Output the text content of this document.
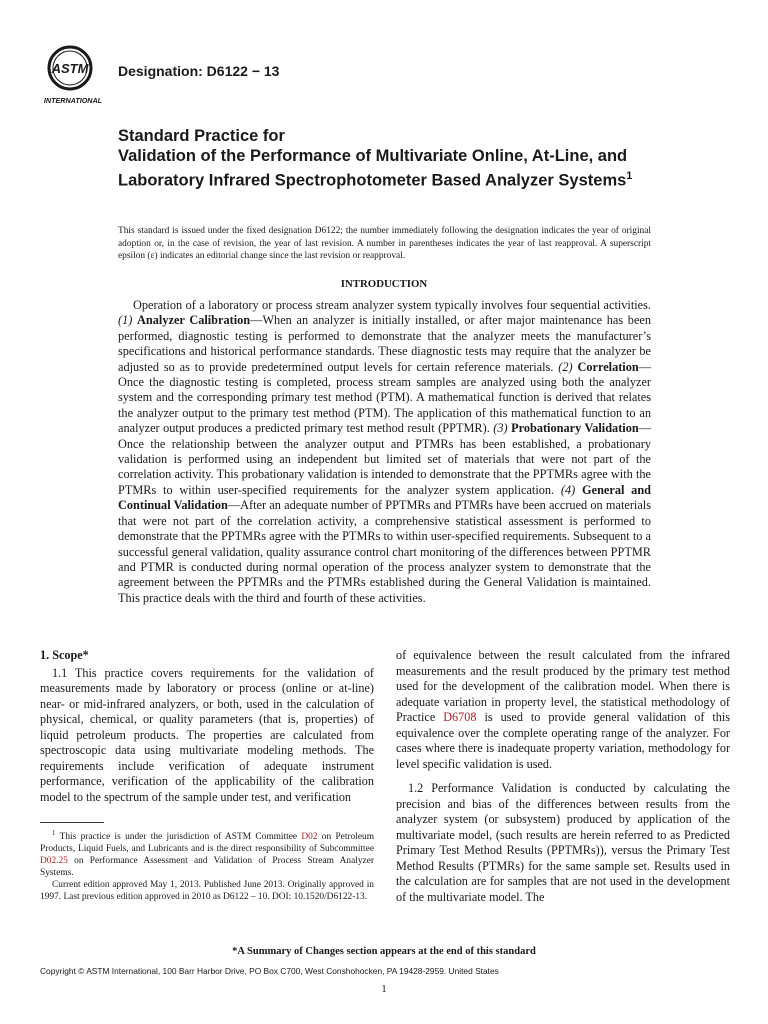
ASTM
INTERNATIONAL

Designation: D6122 − 13

Standard Practice for
Validation of the Performance of Multivariate Online, At-Line, and Laboratory Infrared Spectrophotometer Based Analyzer Systems$^1$

This standard is issued under the fixed designation D6122; the number immediately following the designation indicates the year of original adoption or, in the case of revision, the year of last revision. A number in parentheses indicates the year of last reapproval. A superscript epsilon (ε) indicates an editorial change since the last revision or reapproval.

INTRODUCTION

Operation of a laboratory or process stream analyzer system typically involves four sequential activities. (1) Analyzer Calibration—When an analyzer is initially installed, or after major maintenance has been performed, diagnostic testing is performed to demonstrate that the analyzer meets the manufacturer’s specifications and historical performance standards. These diagnostic tests may require that the analyzer be adjusted so as to provide predetermined output levels for certain reference materials. (2) Correlation—Once the diagnostic testing is completed, process stream samples are analyzed using both the analyzer system and the corresponding primary test method (PTM). A mathematical function is derived that relates the analyzer output to the primary test method (PTM). The application of this mathematical function to an analyzer output produces a predicted primary test method result (PPTMR). (3) Probationary Validation—Once the relationship between the analyzer output and PTMRs has been established, a probationary validation is performed using an independent but limited set of materials that were not part of the correlation activity. This probationary validation is intended to demonstrate that the PPTMRs agree with the PTMRs to within user-specified requirements for the analyzer system application. (4) General and Continual Validation—After an adequate number of PPTMRs and PTMRs have been accrued on materials that were not part of the correlation activity, a comprehensive statistical assessment is performed to demonstrate that the PPTMRs agree with the PTMRs to within user-specified requirements. Subsequent to a successful general validation, quality assurance control chart monitoring of the differences between PPTMR and PTMR is conducted during normal operation of the process analyzer system to demonstrate that the agreement between the PPTMRs and the PTMRs established during the General Validation is maintained. This practice deals with the third and fourth of these activities.

1. Scope*

1.1 This practice covers requirements for the validation of measurements made by laboratory or process (online or at-line) near- or mid-infrared analyzers, or both, used in the calculation of physical, chemical, or quality parameters (that is, properties) of liquid petroleum products. The properties are calculated from spectroscopic data using multivariate modeling methods. The requirements include verification of adequate instrument performance, verification of the applicability of the calibration model to the spectrum of the sample under test, and verification

of equivalence between the result calculated from the infrared measurements and the result produced by the primary test method used for the development of the calibration model. When there is adequate variation in property level, the statistical methodology of Practice D6708 is used to provide general validation of this equivalence over the complete operating range of the analyzer. For cases where there is inadequate property variation, methodology for level specific validation is used.

1.2 Performance Validation is conducted by calculating the precision and bias of the differences between results from the analyzer system (or subsystem) produced by application of the multivariate model, (such results are herein referred to as Predicted Primary Test Method Results (PPTMRs)), versus the Primary Test Method Results (PTMRs) for the same sample set. Results used in the calculation are for samples that are not used in the development of the multivariate model. The

$^1$ This practice is under the jurisdiction of ASTM Committee D02 on Petroleum Products, Liquid Fuels, and Lubricants and is the direct responsibility of Subcommittee D02.25 on Performance Assessment and Validation of Process Stream Analyzer Systems.

Current edition approved May 1, 2013. Published June 2013. Originally approved in 1997. Last previous edition approved in 2010 as D6122 – 10. DOI: 10.1520/D6122-13.

*A Summary of Changes section appears at the end of this standard

Copyright © ASTM International, 100 Barr Harbor Drive, PO Box C700, West Conshohocken, PA 19428-2959. United States

1
